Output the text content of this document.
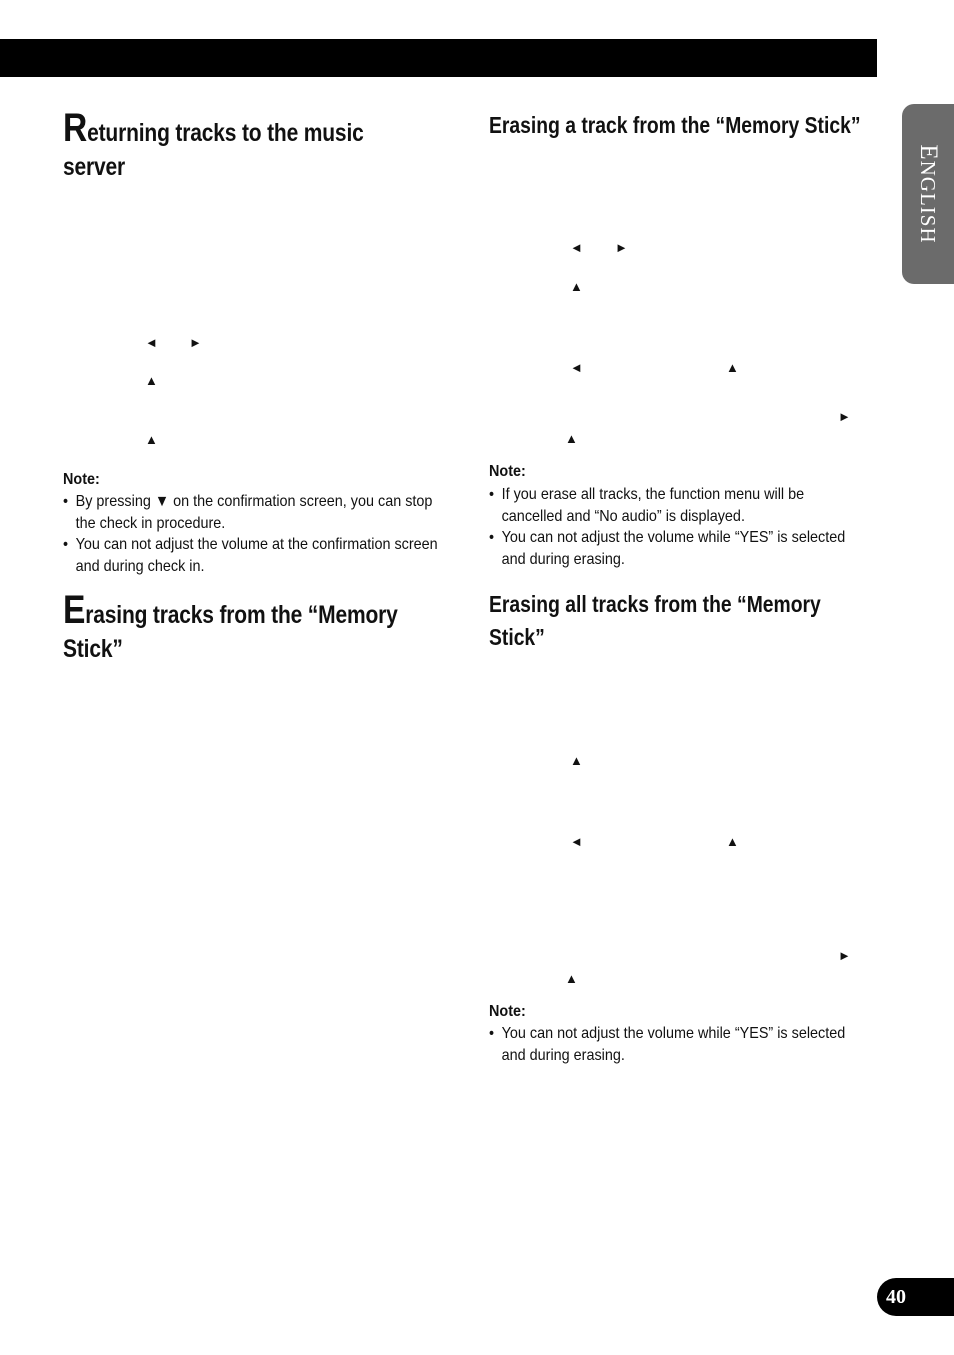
ENGLISH
Returning tracks to the music
server
◄ ►
▲
▲

Note:

• By pressing ▼ on the confirmation screen, you can stop the check in procedure.
• You can not adjust the volume at the confirmation screen and during check in.
Erasing tracks from the “Memory
Stick”
Erasing a track from the “Memory Stick”
◄ ►
▲
◄	▲
►
▲

Note:

• If you erase all tracks, the function menu will be cancelled and “No audio” is displayed.
• You can not adjust the volume while “YES” is selected and during erasing.
Erasing all tracks from the “Memory
Stick”
▲
◄	▲
►
▲

Note:

• You can not adjust the volume while “YES” is selected and during erasing.
40
